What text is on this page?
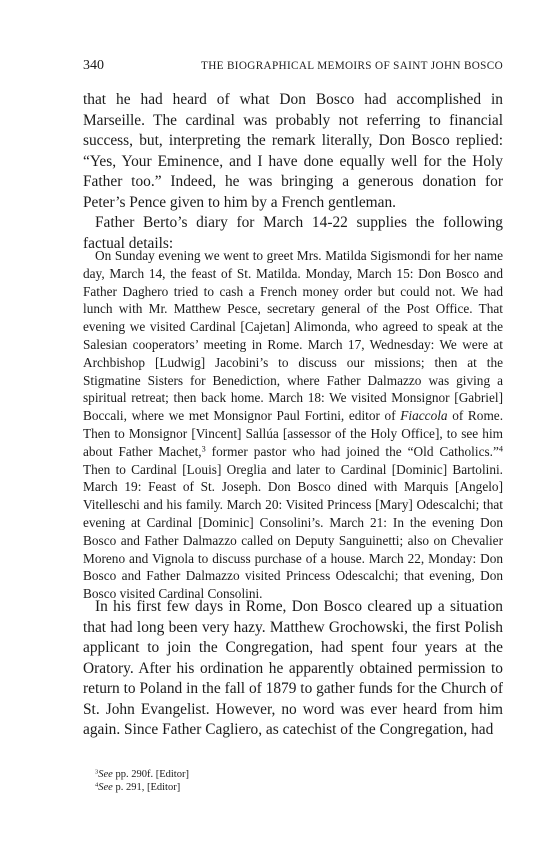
340	THE BIOGRAPHICAL MEMOIRS OF SAINT JOHN BOSCO

that he had heard of what Don Bosco had accomplished in Marseille. The cardinal was probably not referring to financial success, but, interpreting the remark literally, Don Bosco replied: “Yes, Your Eminence, and I have done equally well for the Holy Father too.” Indeed, he was bringing a generous donation for Peter’s Pence given to him by a French gentleman.

Father Berto’s diary for March 14-22 supplies the following factual details:

On Sunday evening we went to greet Mrs. Matilda Sigismondi for her name day, March 14, the feast of St. Matilda. Monday, March 15: Don Bosco and Father Daghero tried to cash a French money order but could not. We had lunch with Mr. Matthew Pesce, secretary general of the Post Office. That evening we visited Cardinal [Cajetan] Alimonda, who agreed to speak at the Salesian cooperators’ meeting in Rome. March 17, Wednesday: We were at Archbishop [Ludwig] Jacobini’s to discuss our missions; then at the Stigmatine Sisters for Benediction, where Father Dalmazzo was giving a spiritual retreat; then back home. March 18: We visited Monsignor [Gabriel] Boccali, where we met Monsignor Paul Fortini, editor of Fiaccola of Rome. Then to Monsignor [Vincent] Sallúa [assessor of the Holy Office], to see him about Father Machet,$^3$ former pastor who had joined the “Old Catholics.”$^4$ Then to Cardinal [Louis] Oreglia and later to Cardinal [Dominic] Bartolini. March 19: Feast of St. Joseph. Don Bosco dined with Marquis [Angelo] Vitelleschi and his family. March 20: Visited Princess [Mary] Odescalchi; that evening at Cardinal [Dominic] Consolini’s. March 21: In the evening Don Bosco and Father Dalmazzo called on Deputy Sanguinetti; also on Chevalier Moreno and Vignola to discuss purchase of a house. March 22, Monday: Don Bosco and Father Dalmazzo visited Princess Odescalchi; that evening, Don Bosco visited Cardinal Consolini.

In his first few days in Rome, Don Bosco cleared up a situation that had long been very hazy. Matthew Grochowski, the first Polish applicant to join the Congregation, had spent four years at the Oratory. After his ordination he apparently obtained permission to return to Poland in the fall of 1879 to gather funds for the Church of St. John Evangelist. However, no word was ever heard from him again. Since Father Cagliero, as catechist of the Congregation, had

$^3$See pp. 290f. [Editor]
$^4$See p. 291, [Editor]
